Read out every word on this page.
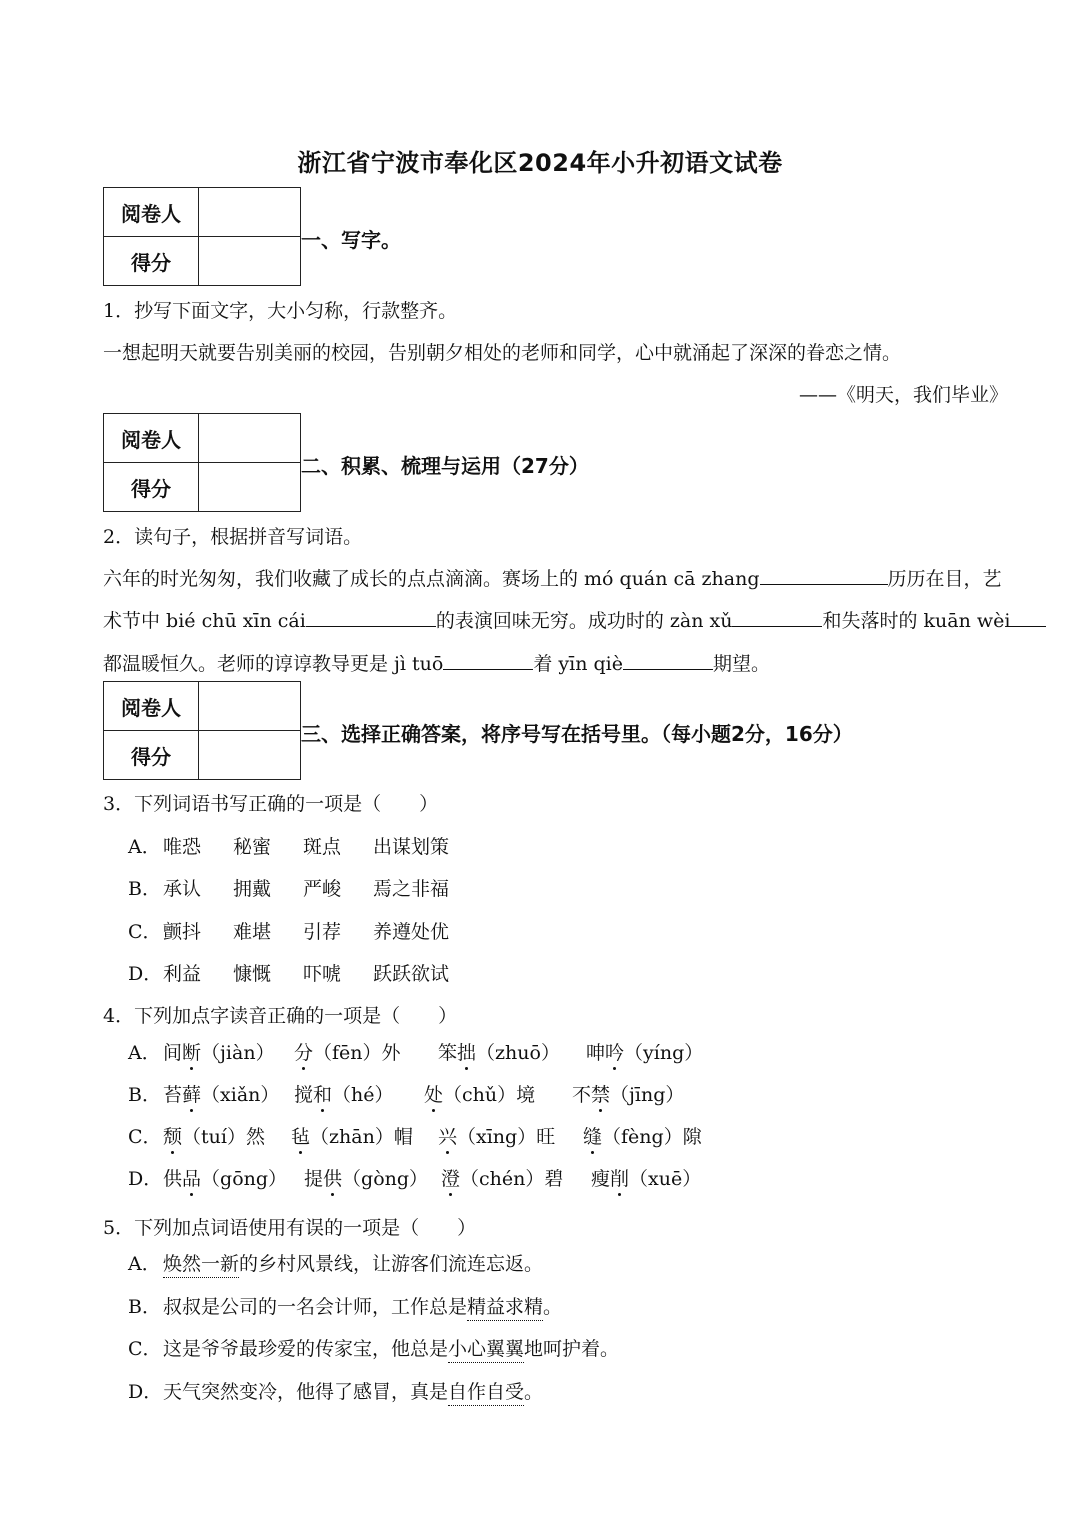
浙江省宁波市奉化区2024年小升初语文试卷
阅卷人	
得分	
一、写字。
1．抄写下面文字，大小匀称，行款整齐。
一想起明天就要告别美丽的校园，告别朝夕相处的老师和同学，心中就涌起了深深的眷恋之情。
——《明天，我们毕业》
阅卷人	
得分	
二、积累、梳理与运用（27分）
2．读句子，根据拼音写词语。
六年的时光匆匆，我们收藏了成长的点点滴滴。赛场上的 mó quán cā zhang	历历在目，艺
术节中 bié chū xīn cái	的表演回味无穷。成功时的 zàn xǔ	和失落时的 kuān wèi
都温暖恒久。老师的谆谆教导更是 jì tuō	着 yīn qiè	期望。
阅卷人	
得分	
三、选择正确答案，将序号写在括号里。（每小题2分，16分）
3．下列词语书写正确的一项是（　　）
A． 唯恐 秘蜜 斑点 出谋划策
B． 承认 拥戴 严峻 焉之非福
C．颤抖 难堪 引荐 养遵处优
D．利益 慷慨 吓唬 跃跃欲试
4．下列加点字读音正确的一项是（　　）
A． 间断（jiàn） 分（fēn）外 笨拙（zhuō） 呻吟（yíng）
B． 苔藓（xiǎn） 搅和（hé） 处（chǔ）境 不禁（jīng）
C．颓（tuí）然 毡（zhān）帽 兴（xīng）旺 缝（fèng）隙
D．供品（gōng） 提供（gòng） 澄（chén）碧 瘦削（xuē）
5．下列加点词语使用有误的一项是（　　）
A． 焕然一新的乡村风景线，让游客们流连忘返。
B． 叔叔是公司的一名会计师，工作总是精益求精。
C．这是爷爷最珍爱的传家宝，他总是小心翼翼地呵护着。
D．天气突然变冷，他得了感冒，真是自作自受。
